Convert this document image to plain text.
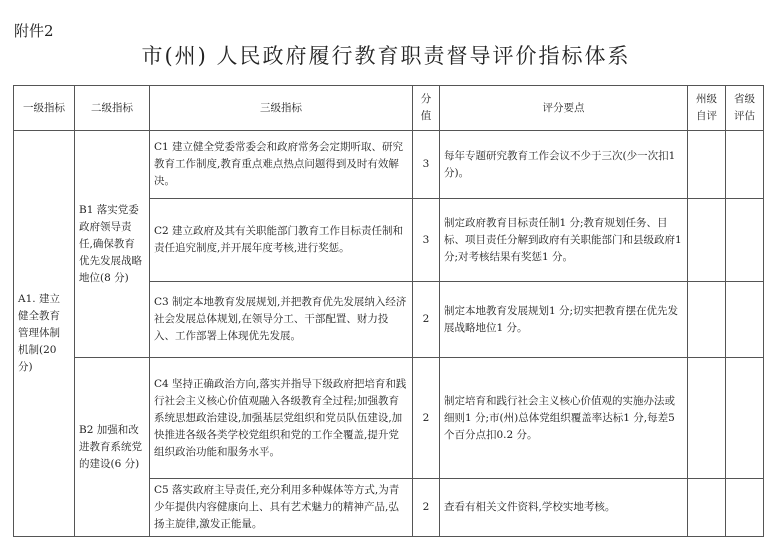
附件2
市(州) 人民政府履行教育职责督导评价指标体系
一级指标	二级指标	三级指标	分值	评分要点	州级自评	省级评估
A1. 建立健全教育管理体制机制(20 分)	B1 落实党委政府领导责任,确保教育优先发展战略地位(8 分)	C1 建立健全党委常委会和政府常务会定期听取、研究教育工作制度,教育重点难点热点问题得到及时有效解决。	3	每年专题研究教育工作会议不少于三次(少一次扣1 分)。		
		C2 建立政府及其有关职能部门教育工作目标责任制和责任追究制度,并开展年度考核,进行奖惩。	3	制定政府教育目标责任制1 分;教育规划任务、目标、项目责任分解到政府有关职能部门和县级政府1 分;对考核结果有奖惩1 分。		
		C3 制定本地教育发展规划,并把教育优先发展纳入经济社会发展总体规划,在领导分工、干部配置、财力投入、工作部署上体现优先发展。	2	制定本地教育发展规划1 分;切实把教育摆在优先发展战略地位1 分。		
	B2 加强和改进教育系统党的建设(6 分)	C4 坚持正确政治方向,落实并指导下级政府把培育和践行社会主义核心价值观融入各级教育全过程;加强教育系统思想政治建设,加强基层党组织和党员队伍建设,加快推进各级各类学校党组织和党的工作全覆盖,提升党组织政治功能和服务水平。	2	制定培育和践行社会主义核心价值观的实施办法或细则1 分;市(州)总体党组织覆盖率达标1 分,每差5 个百分点扣0.2 分。		
		C5 落实政府主导责任,充分利用多种媒体等方式,为青少年提供内容健康向上、具有艺术魅力的精神产品,弘扬主旋律,激发正能量。	2	查看有相关文件资料,学校实地考核。		
